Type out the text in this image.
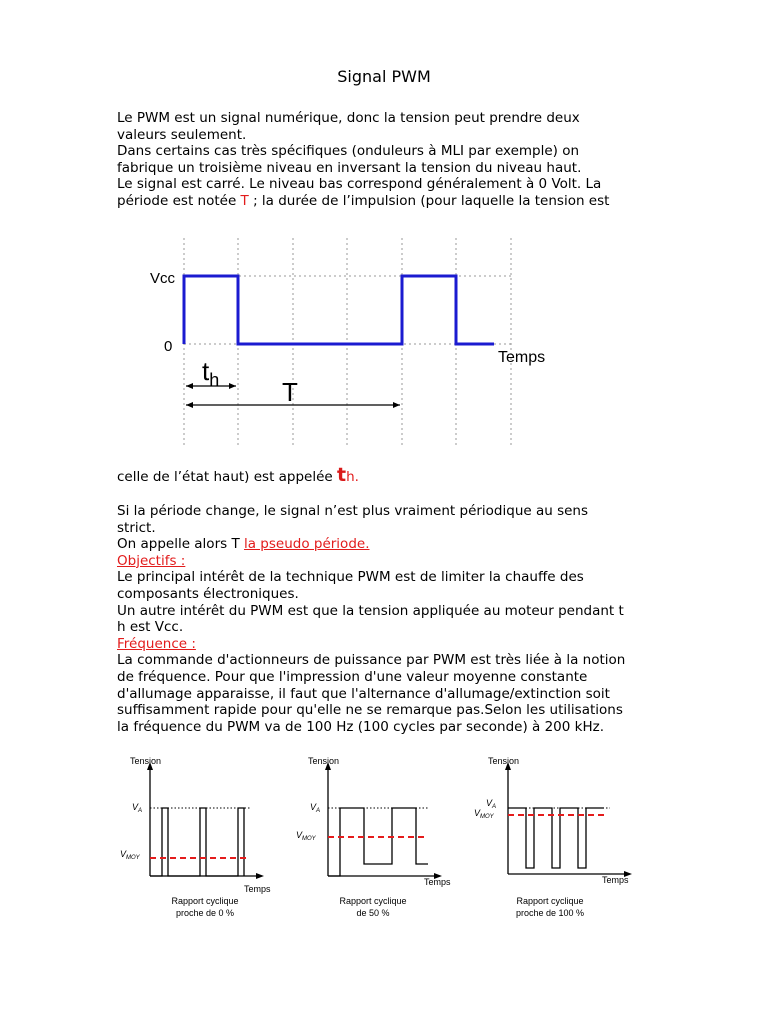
Signal PWM
Le PWM est un signal numérique, donc la tension peut prendre deux
valeurs seulement.
Dans certains cas très spécifiques (onduleurs à MLI par exemple) on
fabrique un troisième niveau en inversant la tension du niveau haut.
Le signal est carré. Le niveau bas correspond généralement à 0 Volt. La
période est notée T ; la durée de l’impulsion (pour laquelle la tension est
Vcc
0
Temps
$t_h$ T
celle de l’état haut) est appelée th.
Si la période change, le signal n’est plus vraiment périodique au sens
strict.
On appelle alors T la pseudo période.
Objectifs :
Le principal intérêt de la technique PWM est de limiter la chauffe des
composants électroniques.
Un autre intérêt du PWM est que la tension appliquée au moteur pendant t
h est Vcc.
Fréquence :
La commande d'actionneurs de puissance par PWM est très liée à la notion
de fréquence. Pour que l'impression d'une valeur moyenne constante
d'allumage apparaisse, il faut que l'alternance d'allumage/extinction soit
suffisamment rapide pour qu'elle ne se remarque pas.Selon les utilisations
la fréquence du PWM va de 100 Hz (100 cycles par seconde) à 200 kHz.
Tension
$V_A$
$V_{MOY}$
Temps
Rapport cyclique
proche de 0 %
Tension
$V_A$
$V_{MOY}$
Temps
Rapport cyclique
de 50 %
Tension
$V_A$
$V_{MOY}$
Temps
Rapport cyclique
proche de 100 %
